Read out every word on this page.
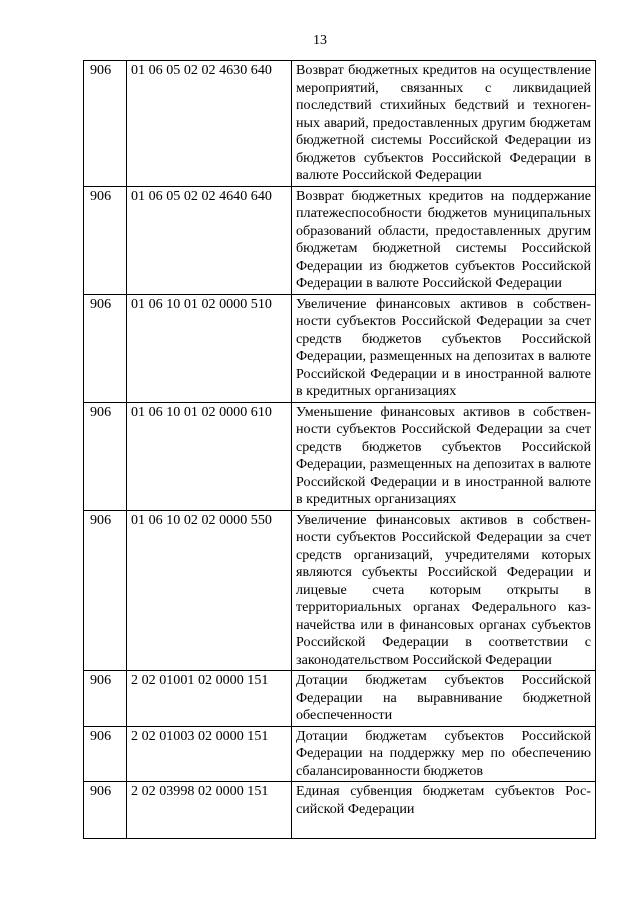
13
906	01 06 05 02 02 4630 640	Возврат бюджетных кредитов на осуществление мероприятий, связанных с ликвидацией последствий стихийных бедствий и техногенных аварий, предоставленных другим бюджетам бюджетной системы Российской Федерации из бюджетов субъектов Российской Федерации в валюте Российской Федерации
906	01 06 05 02 02 4640 640	Возврат бюджетных кредитов на поддержание платежеспособности бюджетов муниципальных образований области, предоставленных другим бюджетам бюджетной системы Российской Федерации из бюджетов субъектов Российской Федерации в валюте Российской Федерации
906	01 06 10 01 02 0000 510	Увеличение финансовых активов в собственности субъектов Российской Федерации за счет средств бюджетов субъектов Российской Федерации, размещенных на депозитах в валюте Российской Федерации и в иностранной валюте в кредитных организациях
906	01 06 10 01 02 0000 610	Уменьшение финансовых активов в собственности субъектов Российской Федерации за счет средств бюджетов субъектов Российской Федерации, размещенных на депозитах в валюте Российской Федерации и в иностранной валюте в кредитных организациях
906	01 06 10 02 02 0000 550	Увеличение финансовых активов в собственности субъектов Российской Федерации за счет средств организаций, учредителями которых являются субъекты Российской Федерации и лицевые счета которым открыты в территориальных органах Федерального казначейства или в финансовых органах субъектов Российской Федерации в соответствии с законодательством Российской Федерации
906	2 02 01001 02 0000 151	Дотации бюджетам субъектов Российской Федерации на выравнивание бюджетной обеспеченности
906	2 02 01003 02 0000 151	Дотации бюджетам субъектов Российской Федерации на поддержку мер по обеспечению сбалансированности бюджетов
906	2 02 03998 02 0000 151	Единая субвенция бюджетам субъектов Российской Федерации
